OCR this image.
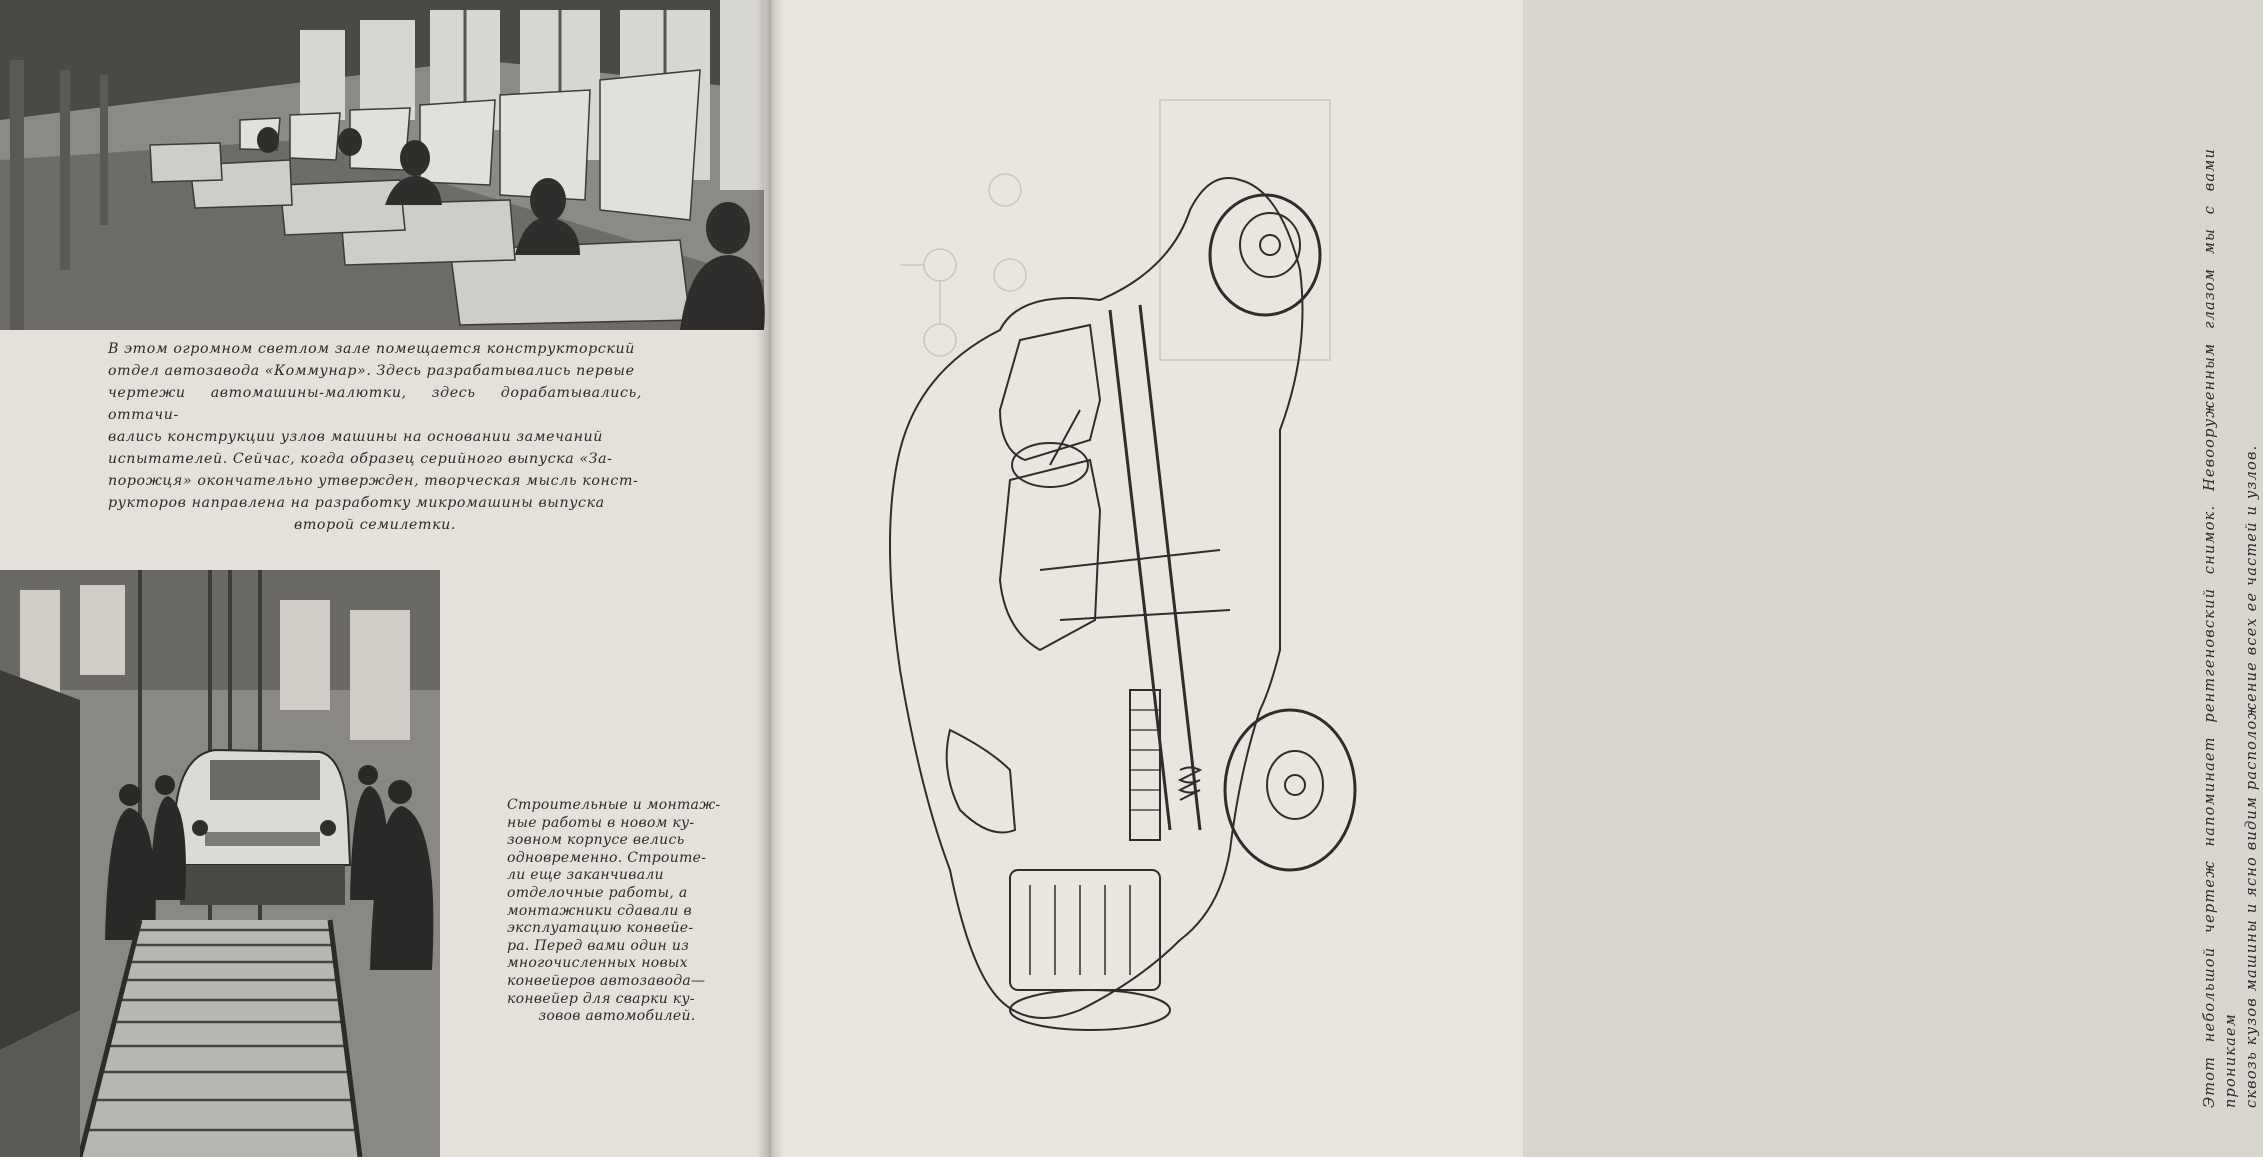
В этом огромном светлом зале помещается конструкторский
отдел автозавода «Коммунар». Здесь разрабатывались первые
чертежи автомашины-малютки, здесь дорабатывались, оттачи-
вались конструкции узлов машины на основании замечаний
испытателей. Сейчас, когда образец серийного выпуска «За-
порожця» окончательно утвержден, творческая мысль конст-
рукторов направлена на разработку микромашины выпуска
второй семилетки.
Строительные и монтаж-
ные работы в новом ку-
зовном корпусе велись
одновременно. Строите-
ли еще заканчивали
отделочные работы, а
монтажники сдавали в
эксплуатацию конвейе-
ра. Перед вами один из
многочисленных новых
конвейеров автозавода—
конвейер для сварки ку-
зовов автомобилей.	Этот небольшой чертеж напоминает рентгеновский снимок. Невооруженным глазом мы с вами проникаем сквозь кузов машины и ясно видим расположение всех ее частей и узлов.
